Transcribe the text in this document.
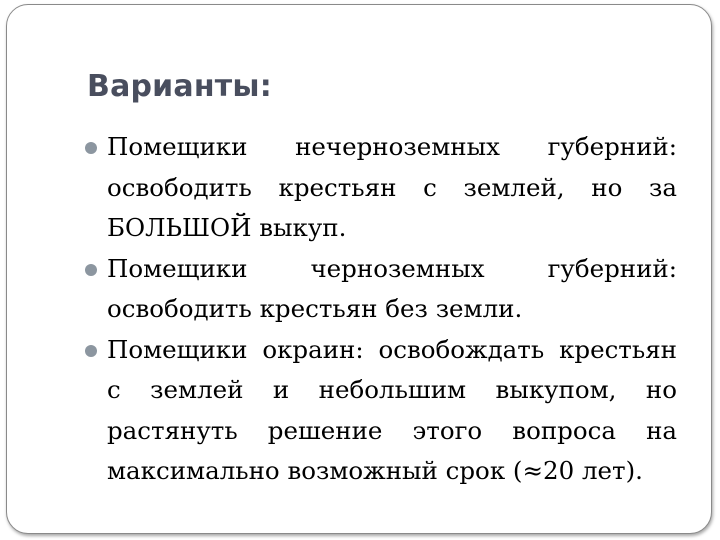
Варианты:
Помещики нечерноземных губерний: освободить крестьян с землей, но за БОЛЬШОЙ выкуп.
Помещики черноземных губерний: освободить крестьян без земли.
Помещики окраин: освобождать крестьян с землей и небольшим выкупом, но растянуть решение этого вопроса на максимально возможный срок (≈20 лет).
